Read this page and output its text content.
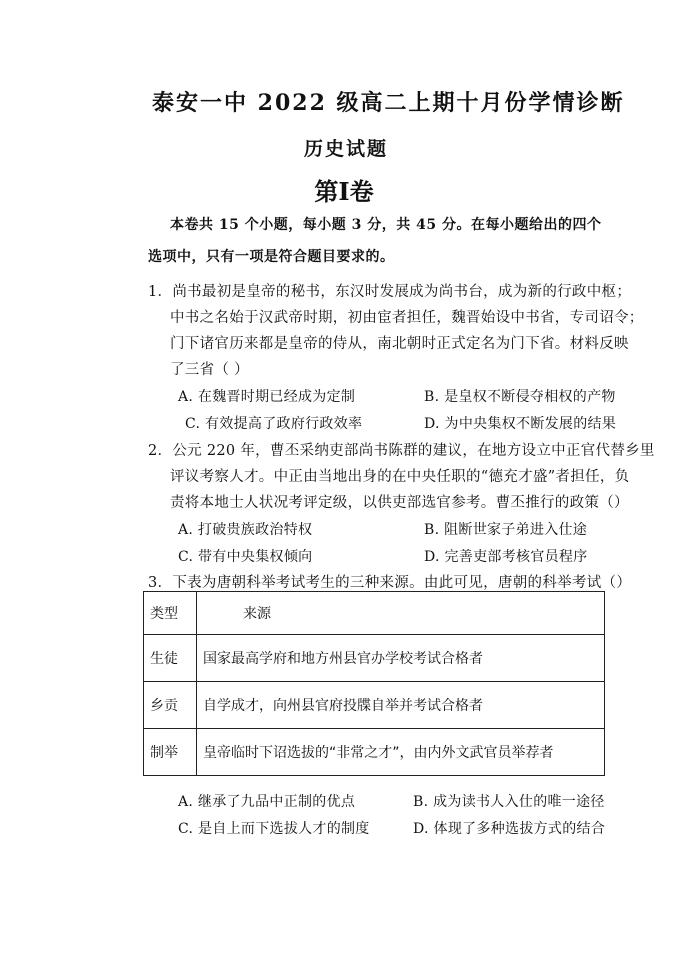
泰安一中 2022 级高二上期十月份学情诊断
历史试题
第Ⅰ卷
本卷共 15 个小题，每小题 3 分，共 45 分。在每小题给出的四个
选项中，只有一项是符合题目要求的。
1．尚书最初是皇帝的秘书，东汉时发展成为尚书台，成为新的行政中枢；
中书之名始于汉武帝时期，初由宦者担任，魏晋始设中书省，专司诏令；
门下诸官历来都是皇帝的侍从，南北朝时正式定名为门下省。材料反映
了三省（ ）
A. 在魏晋时期已经成为定制	B. 是皇权不断侵夺相权的产物
C. 有效提高了政府行政效率	D. 为中央集权不断发展的结果
2．公元 220 年，曹丕采纳吏部尚书陈群的建议，在地方设立中正官代替乡里
评议考察人才。中正由当地出身的在中央任职的“德充才盛”者担任，负
责将本地士人状况考评定级，以供吏部选官参考。曹丕推行的政策（）
A. 打破贵族政治特权	B. 阻断世家子弟进入仕途
C. 带有中央集权倾向	D. 完善吏部考核官员程序
3．下表为唐朝科举考试考生的三种来源。由此可见，唐朝的科举考试（）
类型	来源
生徒	国家最高学府和地方州县官办学校考试合格者
乡贡	自学成才，向州县官府投牒自举并考试合格者
制举	皇帝临时下诏选拔的“非常之才”，由内外文武官员举荐者
A. 继承了九品中正制的优点	B. 成为读书人入仕的唯一途径
C. 是自上而下选拔人才的制度	D. 体现了多种选拔方式的结合
